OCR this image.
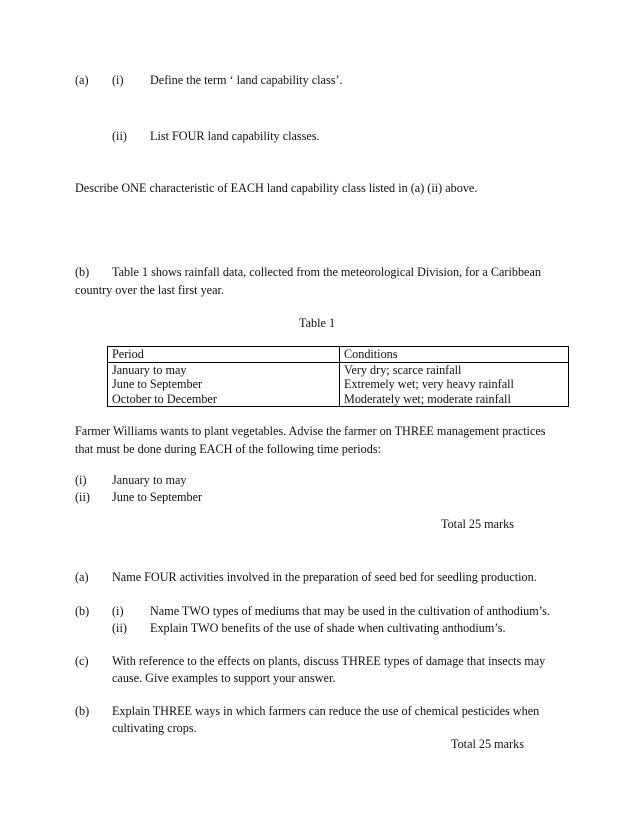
(a) (i) Define the term ‘ land capability class’.
(ii) List FOUR land capability classes.
Describe ONE characteristic of EACH land capability class listed in (a) (ii) above.
(b) Table 1 shows rainfall data, collected from the meteorological Division, for a Caribbean
country over the last first year.
Table 1
Period	Conditions
January to may	Very dry; scarce rainfall
June to September	Extremely wet; very heavy rainfall
October to December	Moderately wet; moderate rainfall
Farmer Williams wants to plant vegetables. Advise the farmer on THREE management practices
that must be done during EACH of the following time periods:
(i) January to may
(ii) June to September
Total 25 marks
(a) Name FOUR activities involved in the preparation of seed bed for seedling production.
(b) (i) Name TWO types of mediums that may be used in the cultivation of anthodium’s.
(ii) Explain TWO benefits of the use of shade when cultivating anthodium’s.
(c) With reference to the effects on plants, discuss THREE types of damage that insects may
cause. Give examples to support your answer.
(b) Explain THREE ways in which farmers can reduce the use of chemical pesticides when
cultivating crops.
Total 25 marks
